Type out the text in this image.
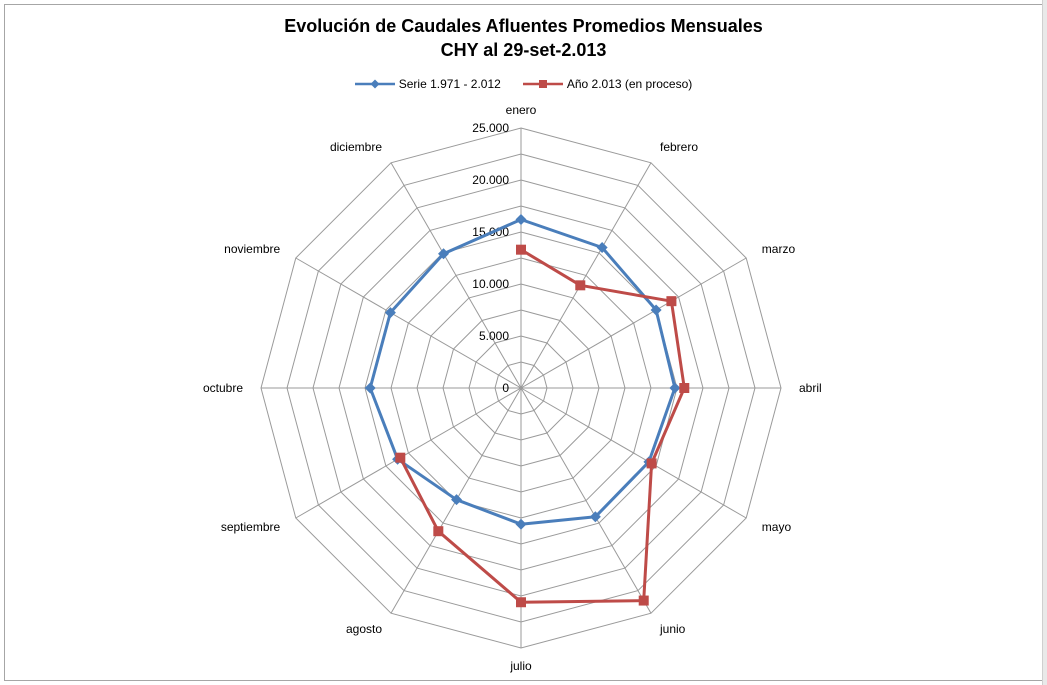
Evolución de Caudales Afluentes Promedios Mensuales
CHY al 29-set-2.013
Serie 1.971 - 2.012	Año 2.013 (en proceso)
0
5.000
10.000
15.000
20.000
25.000
enero
febrero
marzo
abril
mayo
junio
julio
agosto
septiembre
octubre
noviembre
diciembre
